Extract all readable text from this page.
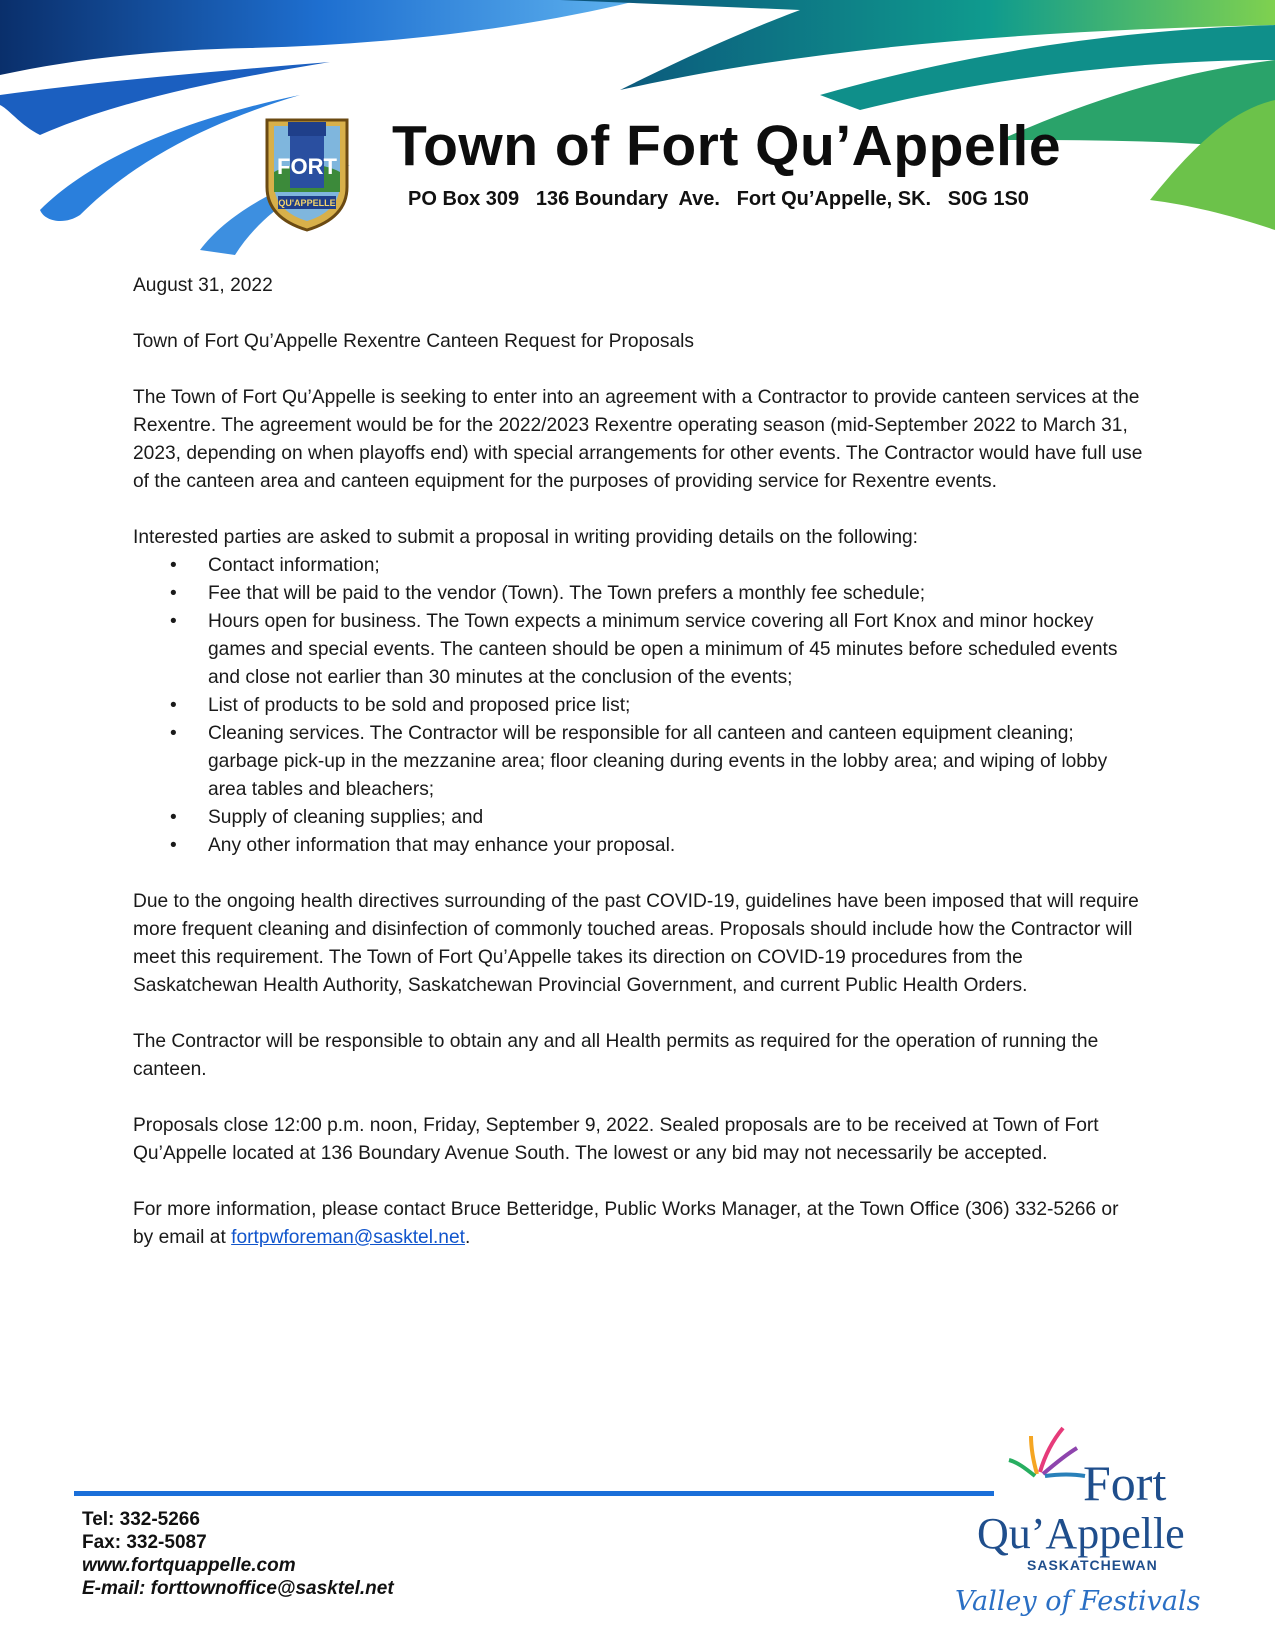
FORT
QU'APPELLE
Town of Fort Qu’Appelle
PO Box 309   136 Boundary  Ave.   Fort Qu’Appelle, SK.   S0G 1S0

August 31, 2022

Town of Fort Qu’Appelle Rexentre Canteen Request for Proposals

The Town of Fort Qu’Appelle is seeking to enter into an agreement with a Contractor to provide canteen services at the Rexentre. The agreement would be for the 2022/2023 Rexentre operating season (mid-September 2022 to March 31, 2023, depending on when playoffs end) with special arrangements for other events. The Contractor would have full use of the canteen area and canteen equipment for the purposes of providing service for Rexentre events.

Interested parties are asked to submit a proposal in writing providing details on the following:

• Contact information;
• Fee that will be paid to the vendor (Town). The Town prefers a monthly fee schedule;
• Hours open for business. The Town expects a minimum service covering all Fort Knox and minor hockey games and special events. The canteen should be open a minimum of 45 minutes before scheduled events and close not earlier than 30 minutes at the conclusion of the events;
• List of products to be sold and proposed price list;
• Cleaning services. The Contractor will be responsible for all canteen and canteen equipment cleaning; garbage pick-up in the mezzanine area; floor cleaning during events in the lobby area; and wiping of lobby area tables and bleachers;
• Supply of cleaning supplies; and
• Any other information that may enhance your proposal.

Due to the ongoing health directives surrounding of the past COVID-19, guidelines have been imposed that will require more frequent cleaning and disinfection of commonly touched areas. Proposals should include how the Contractor will meet this requirement. The Town of Fort Qu’Appelle takes its direction on COVID-19 procedures from the Saskatchewan Health Authority, Saskatchewan Provincial Government, and current Public Health Orders.

The Contractor will be responsible to obtain any and all Health permits as required for the operation of running the canteen.

Proposals close 12:00 p.m. noon, Friday, September 9, 2022. Sealed proposals are to be received at Town of Fort Qu’Appelle located at 136 Boundary Avenue South. The lowest or any bid may not necessarily be accepted.

For more information, please contact Bruce Betteridge, Public Works Manager, at the Town Office (306) 332-5266 or by email at fortpwforeman@sasktel.net.

Tel: 332-5266
Fax: 332-5087
www.fortquappelle.com
E-mail: forttownoffice@sasktel.net
Fort
Qu’Appelle
SASKATCHEWAN
Valley of Festivals
